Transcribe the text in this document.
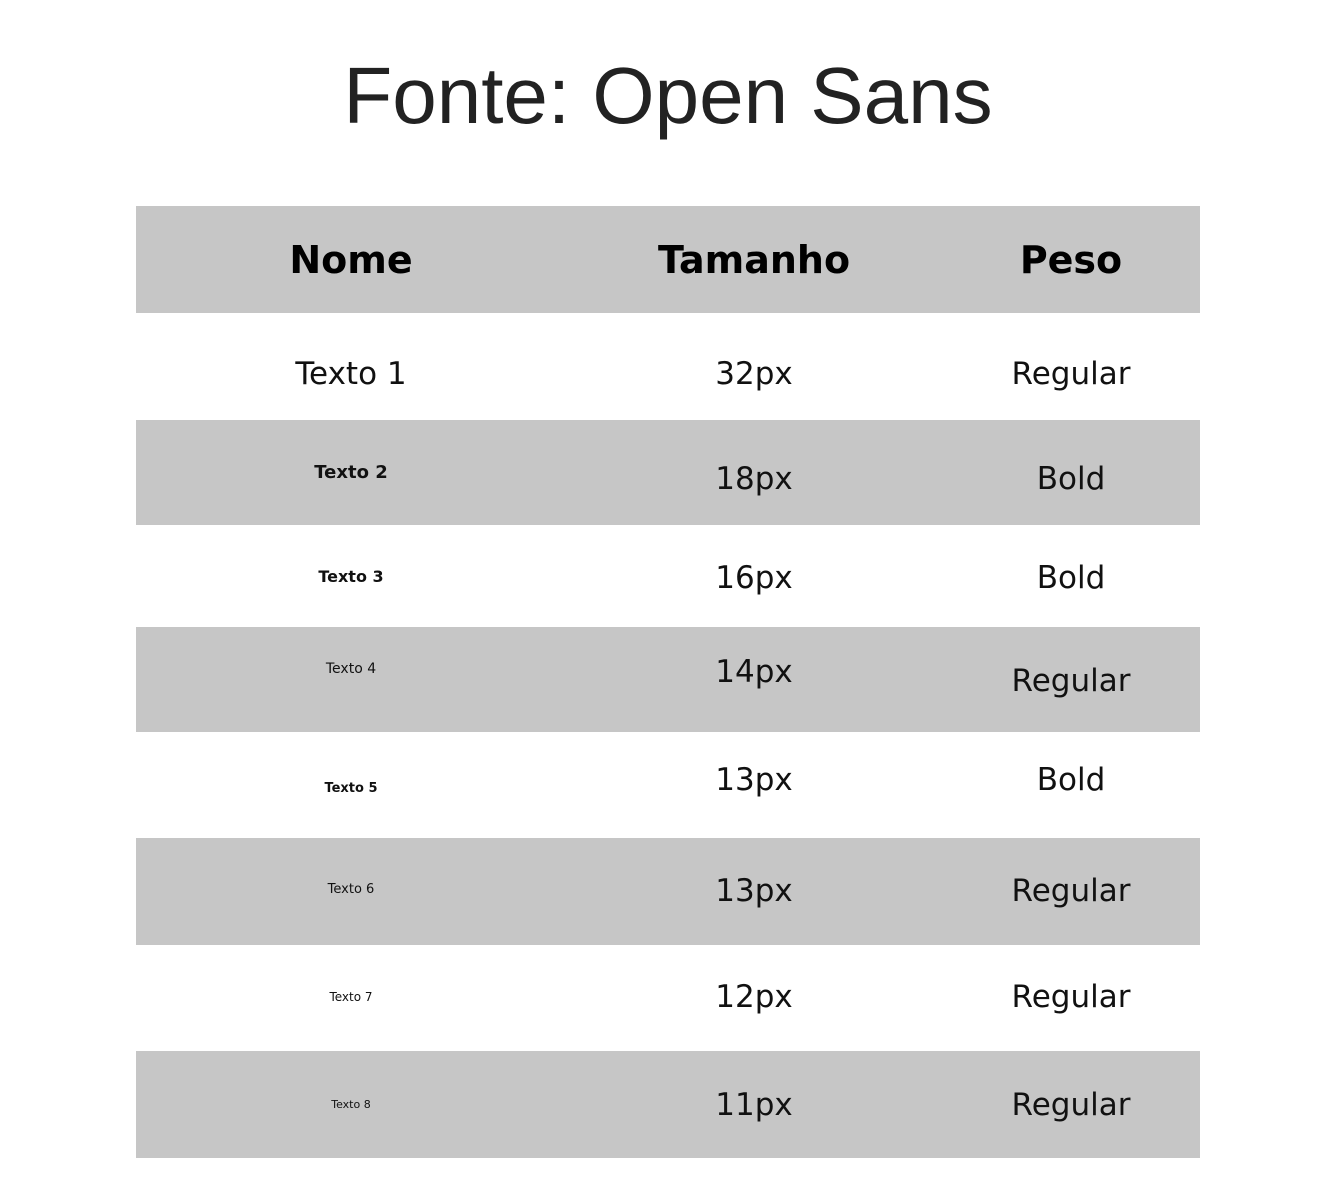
Fonte: Open Sans
Nome	Tamanho	Peso
Texto 1	32px	Regular
Texto 2	18px	Bold
Texto 3	16px	Bold
Texto 4	14px	Regular
Texto 5	13px	Bold
Texto 6	13px	Regular
Texto 7	12px	Regular
Texto 8	11px	Regular
